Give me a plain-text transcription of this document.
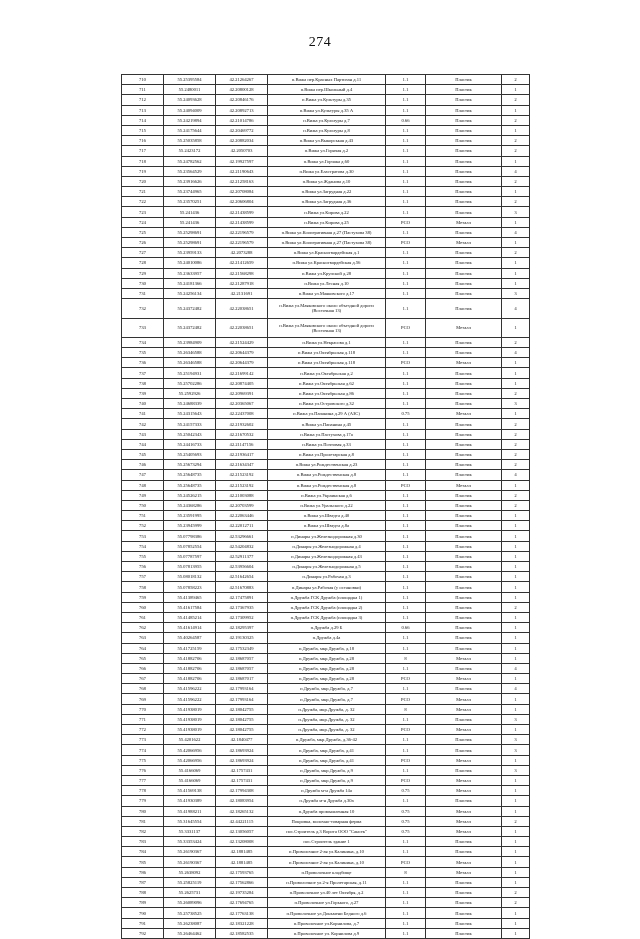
274
710	55.25395584	42.21264267	п.Вижа пер.Красных Партизан д.11	1.1	Пластик	2
711	55.2480011	42.20800128	п.Вижа пер.Школьный д.4	1.1	Пластик	1
712	55.24093628	42.20846176	п.Вижа ул.Культуры д.35	1.1	Пластик	2
713	55.24094009	42.20892713	п.Вижа ул.Культуры д.35 А	1.1	Пластик	1
714	55.24219894	42.21014786	п.Вижа ул.Культуры д.7	0.66	Пластик	2
715	55.24175644	42.20469772	п.Вижа ул.Культуры д.8	1.1	Пластик	1
716	55.25035858	42.20882034	п.Вижа ул.Выкорськая д.43	1.1	Пластик	2
717	55.2423172	42.2050703	п.Вижа ул.Горячая д.2	1.1	Пластик	2
718	55.24782562	42.19927597	п.Вижа ул.Горчака д.60	1.1	Пластик	1
719	55.23564529	42.21190643	п.Вижа ул.Еластратова д.30	1.1	Пластик	4
720	55.23916626	42.21258163	п.Вижа ул.Жданова д.10	1.1	Пластик	2
721	55.23744965	42.20708084	п.Вижа ул.Загрудная д.22	1.1	Пластик	1
722	55.23570251	42.20606804	п.Вижа ул.Загрудная д.36	1.1	Пластик	2
723	55.241436	42.21438599	п.Вижа ул.Кирова д.22	1.1	Пластик	3
724	55.241436	42.21438599	п.Вижа ул.Кирова д.25	РСО	Металл	1
725	55.25298691	42.22196579	п.Вижа ул.Кооперативная д.27 (Пастухова 38)	1.1	Пластик	4
726	55.25298691	42.22196579	п.Вижа ул.Кооперативная д.27 (Пастухова 38)	РСО	Металл	1
727	55.23959133	42.2073288	п.Вижа ул.Красногвардейская д.1	1.1	Пластик	2
728	55.24010086	42.21412659	п.Вижа ул.Красногвардейская д.56	1.1	Пластик	1
729	55.23633957	42.21568298	п.Вижа ул.Крупской д.28	1.1	Пластик	1
730	55.24181366	42.21287918	п.Вижа ул.Лесная д.10	1.1	Пластик	1
731	55.24256134	42.2131691	п.Вижа ул.Маяковского д.17	1.1	Пластик	3
732	55.24372482	42.22038651	п.Вижа ул.Маяковского около объездной дороги (Восточная 13)	1.1	Пластик	4
733	55.24372482	42.22038651	п.Вижа ул.Маяковского около объездной дороги (Восточная 13)	РСО	Металл	1
734	55.23984909	42.21524429	п.Вижа ул.Некрасова д.1	1.1	Пластик	2
735	55.26346588	42.20644379	п.Вижа ул.Октябрьская д.118	1.1	Пластик	4
736	55.26346588	42.20644379	п.Вижа ул.Октябрьская д.118	РСО	Металл	1
737	55.25194931	42.21699142	п.Вижа ул.Октябрьская д.2	1.1	Пластик	1
738	55.25702286	42.20874405	п.Вижа ул.Октябрьская д.62	1.1	Пластик	1
739	55.2592926	42.20969391	п.Вижа ул.Октябрьская д.86	1.1	Пластик	2
740	55.24688339	42.20365067	п.Вижа ул.Островского д.32	1.1	Пластик	3
741	55.24315643	42.22437008	п.Вижа ул.Папанина д.29 А (АЗС)	0.75	Металл	1
742	55.24157333	42.21932602	п.Вижа ул.Папанина д.45	1.1	Пластик	2
743	55.25042343	42.21670532	п.Вижа ул.Пастухова д.17а	1.1	Пластик	2
744	55.24416733	42.21147156	п.Вижа ул.Почтовая д.33	1.1	Пластик	2
745	55.25405693	42.21936417	п.Вижа ул.Пролетарская д.8	1.1	Пластик	2
746	55.25673294	42.21634347	п.Вижа ул.Рождественская д.23	1.1	Пластик	2
747	55.25648735	42.21523192	п.Вижа ул.Рождественская д.8	1.1	Пластик	4
748	55.25648735	42.21523192	п.Вижа ул.Рождественская д.8	РСО	Металл	1
749	55.24526215	42.21003088	п.Вижа ул.Украинская д.6	1.1	Пластик	2
750	55.24368286	42.20703599	п.Вижа ул.Уральского д.22	1.1	Пластик	2
751	55.23591995	42.22063446	п.Вижа ул.Шведта д.40	1.1	Пластик	1
752	55.23945999	42.22012711	п.Вижа ул.Шведта д.8а	1.1	Пластик	1
753	55.07798386	42.53296661	п.Динары ул.Железнодорожная д.30	1.1	Пластик	1
754	55.07852554	42.54204832	п.Динары ул.Железнодорожная д.4	1.1	Пластик	1
755	55.07787597	42.52911377	п.Динары ул.Железнодорожная д.43	1.1	Пластик	1
756	55.07813955	42.53956604	п.Динары ул.Железнодорожная д.5	1.1	Пластик	1
757	55.08018132	42.51642654	п.Динары ул.Рабочая д.3	1.1	Пластик	1
758	55.07858223	42.51670883	п.Динары ул.Рабочая (у остановки)	1.1	Пластик	1
759	55.41389465	42.17475891	п.Дружба ГСК Дружба (площадка 1)	1.1	Пластик	1
760	55.41617584	42.17367935	п.Дружба ГСК Дружба (площадка 2)	1.1	Пластик	2
761	55.41485214	42.17309952	п.Дружба ГСК Дружба (площадка 3)	1.1	Пластик	1
762	55.41614914	42.18295397	п.Дружба д.29 Б	0.66	Пластик	1
763	55.40264587	42.19130325	п.Дружба д.4а	1.1	Пластик	1
764	55.41725159	42.17532349	п.Дружба, мкр.Дружба, д.18	1.1	Пластик	1
765	55.41882706	42.18687057	п.Дружба, мкр.Дружба, д.28	8	Металл	1
766	55.41882706	42.18687057	п.Дружба, мкр.Дружба, д.28	1.1	Пластик	4
767	55.41882706	42.18687017	п.Дружба, мкр.Дружба, д.28	РСО	Металл	1
768	55.41596222	42.17993164	п.Дружба, мкр.Дружба, д.7	1.1	Пластик	4
769	55.41596222	42.17993164	п.Дружба, мкр.Дружба, д.7	РСО	Металл	1
770	55.41938019	42.18042755	п.Дружба, мкр.Дружба, д. 32	8	Металл	1
771	55.41938019	42.18042755	п.Дружба, мкр.Дружба, д. 32	1.1	Пластик	3
772	55.41938019	42.18042755	п.Дружба, мкр.Дружба, д. 32	РСО	Металл	1
773	55.4201622	42.1840477	п.Дружба, мкр.Дружба, д.36-42	1.1	Пластик	3
774	55.42066956	42.18693924	п.Дружба, мкр.Дружба, д.41	1.1	Пластик	3
775	55.42066956	42.18693924	п.Дружба, мкр.Дружба, д.41	РСО	Металл	1
776	55.4166069	42.1757431	п.Дружба, мкр.Дружба, д.9	1.1	Пластик	3
777	55.4166069	42.1757431	п.Дружба, мкр.Дружба, д.9	РСО	Металл	1
778	55.41569138	42.17994308	п.Дружба м-н Дружба 14а	0.75	Металл	1
779	55.41930389	42.18083954	п.Дружба м-н Дружба д.30а	1.1	Пластик	1
780	55.41988211	42.18265132	п.Дружба промышленная 10	0.75	Металл	1
781	55.31645554	42.44221115	Покровка, молочно-товарная ферма	0.75	Металл	2
782	55.3331137	42.13056057	пос.Строитель д.3 Ворота ООО "Сансек"	0.75	Металл	1
783	55.33353424	42.13208008	пос.Строитель здание 1	1.1	Пластик	1
784	55.26190367	42.1881485	п.Проволочное 2-ая ул.Калинина, д.10	1.1	Пластик	1
785	55.26190367	42.1881485	п.Проволочное 2-ая ул.Калинина, д.10	РСО	Металл	1
786	55.2638092	42.17593765	п.Проволочное кладбище	8	Металл	1
787	55.25825119	42.17562866	п.Проволочное ул.2-я Пролетарская, д.11	1.1	Пластик	1
788	55.2625731	42.19735284	п.Проволочное ул.40 лет Октября, д.2	1.1	Пластик	2
789	55.26089096	42.17694765	п.Проволочное ул.Горького, д.27	1.1	Пластик	2
790	55.25738525	42.17763138	п.Проволочное ул.Доньмени Бедного д.6	1.1	Пластик	1
791	55.26238087	42.18321228	п.Проволочное ул.Корнилова, д.7	1.1	Пластик	1
792	55.26464462	42.18582535	п.Проволочное ул. Корнилова д.9	1.1	Пластик	1
